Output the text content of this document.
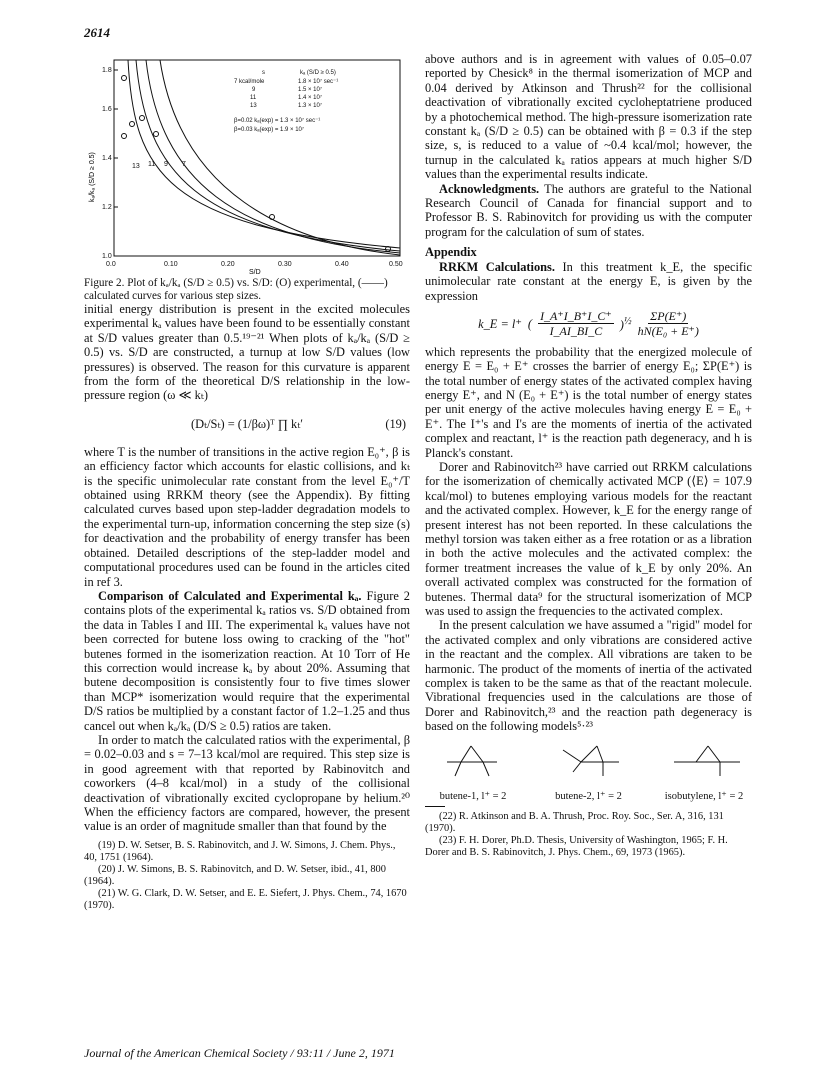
2614
1.0
1.2
1.4
1.6
1.8
0.0	0.10	0.20	0.30	0.40	0.50
S/D
kₐ/kₐ (S/D ≥ 0.5)	13 11 9 7
s	kₐ (S/D ≥ 0.5)
7 kcal/mole	1.8 × 10⁷ sec⁻¹
9	1.5 × 10⁷
11	1.4 × 10⁷
13	1.3 × 10⁷
β=0.02 kₐ(exp) = 1.3 × 10⁷ sec⁻¹
β=0.03 kₐ(exp) = 1.9 × 10⁷
Figure 2. Plot of kₐ/kₐ (S/D ≥ 0.5) vs. S/D: (O) experimental, (——) calculated curves for various step sizes.

initial energy distribution is present in the excited molecules experimental kₐ values have been found to be essentially constant at S/D values greater than 0.5.¹⁹⁻²¹ When plots of kₐ/kₐ (S/D ≥ 0.5) vs. S/D are constructed, a turnup at low S/D values (low pressures) is observed. The reason for this curvature is apparent from the form of the theoretical D/S relationship in the low-pressure region (ω ≪ kₜ)

(Dₜ/Sₜ) = (1/βω)ᵀ ∏ kₜ′	(19)

where T is the number of transitions in the active region E₀⁺, β is an efficiency factor which accounts for elastic collisions, and kₜ is the specific unimolecular rate constant from the level E₀⁺/T obtained using RRKM theory (see the Appendix). By fitting calculated curves based upon step-ladder degradation models to the experimental turn-up, information concerning the step size (s) for deactivation and the probability of energy transfer has been obtained. Detailed descriptions of the step-ladder model and computational procedures used can be found in the articles cited in ref 3.

Comparison of Calculated and Experimental kₐ. Figure 2 contains plots of the experimental kₐ ratios vs. S/D obtained from the data in Tables I and III. The experimental kₐ values have not been corrected for butene loss owing to cracking of the "hot" butenes formed in the isomerization reaction. At 10 Torr of He this correction would increase kₐ by about 20%. Assuming that butene decomposition is consistently four to five times slower than MCP* isomerization would require that the experimental D/S ratios be multiplied by a constant factor of 1.2–1.25 and thus cancel out when kₐ/kₐ (D/S ≥ 0.5) ratios are taken.

In order to match the calculated ratios with the experimental, β = 0.02–0.03 and s = 7–13 kcal/mol are required. This step size is in good agreement with that reported by Rabinovitch and coworkers (4–8 kcal/mol) in a study of the collisional deactivation of vibrationally excited cyclopropane by helium.²⁰ When the efficiency factors are compared, however, the present value is an order of magnitude smaller than that found by the

(19) D. W. Setser, B. S. Rabinovitch, and J. W. Simons, J. Chem. Phys., 40, 1751 (1964).
(20) J. W. Simons, B. S. Rabinovitch, and D. W. Setser, ibid., 41, 800 (1964).
(21) W. G. Clark, D. W. Setser, and E. E. Siefert, J. Phys. Chem., 74, 1670 (1970).

above authors and is in agreement with values of 0.05–0.07 reported by Chesick⁸ in the thermal isomerization of MCP and 0.04 derived by Atkinson and Thrush²² for the collisional deactivation of vibrationally excited cycloheptatriene produced by a photochemical method. The high-pressure isomerization rate constant kₐ (S/D ≥ 0.5) can be obtained with β = 0.3 if the step size, s, is reduced to a value of ~0.4 kcal/mol; however, the turnup in the calculated kₐ ratios appears at much higher S/D values than the experimental results indicate.

Acknowledgments. The authors are grateful to the National Research Council of Canada for financial support and to Professor B. S. Rabinovitch for providing us with the computer program for the calculation of sum of states.

Appendix

RRKM Calculations. In this treatment k_E, the specific unimolecular rate constant at the energy E, is given by the expression

k_E = l⁺ ( $\frac{I\_A^+I\_B^+I\_C^+}{I\_AI\_BI\_C} )^{\frac{1}{2}} \frac{\Sigma P(E^+)}{\text{hN(E₀ + E⁺)}}$

which represents the probability that the energized molecule of energy E = E₀ + E⁺ crosses the barrier of energy E₀; ΣP(E⁺) is the total number of energy states of the activated complex having energy E⁺, and N (E₀ + E⁺) is the total number of energy states per unit energy of the active molecules having energy E = E₀ + E⁺. The I⁺'s and I's are the moments of inertia of the activated complex and reactant, l⁺ is the reaction path degeneracy, and h is Planck's constant.

Dorer and Rabinovitch²³ have carried out RRKM calculations for the isomerization of chemically activated MCP (⟨E⟩ = 107.9 kcal/mol) to butenes employing various models for the reactant and the activated complex. However, k_E for the energy range of present interest has not been reported. In these calculations the methyl torsion was taken either as a free rotation or as a libration in both the active molecules and the activated complex: the former treatment increases the value of k_E by only 20%. An overall activated complex was constructed for the formation of butenes. Thermal data⁹ for the structural isomerization of MCP was used to assign the frequencies to the activated complex.

In the present calculation we have assumed a "rigid" model for the activated complex and only vibrations are considered active in the reactant and the complex. All vibrations are taken to be harmonic. The product of the moments of inertia of the activated complex is taken to be the same as that of the reactant molecule. Vibrational frequencies used in the calculations are those of Dorer and Rabinovitch,²³ and the reaction path degeneracy is based on the following models⁵·²³

butene-1, l⁺ = 2	butene-2, l⁺ = 2	isobutylene, l⁺ = 2
(22) R. Atkinson and B. A. Thrush, Proc. Roy. Soc., Ser. A, 316, 131 (1970).
(23) F. H. Dorer, Ph.D. Thesis, University of Washington, 1965; F. H. Dorer and B. S. Rabinovitch, J. Phys. Chem., 69, 1973 (1965).
Journal of the American Chemical Society / 93:11 / June 2, 1971
